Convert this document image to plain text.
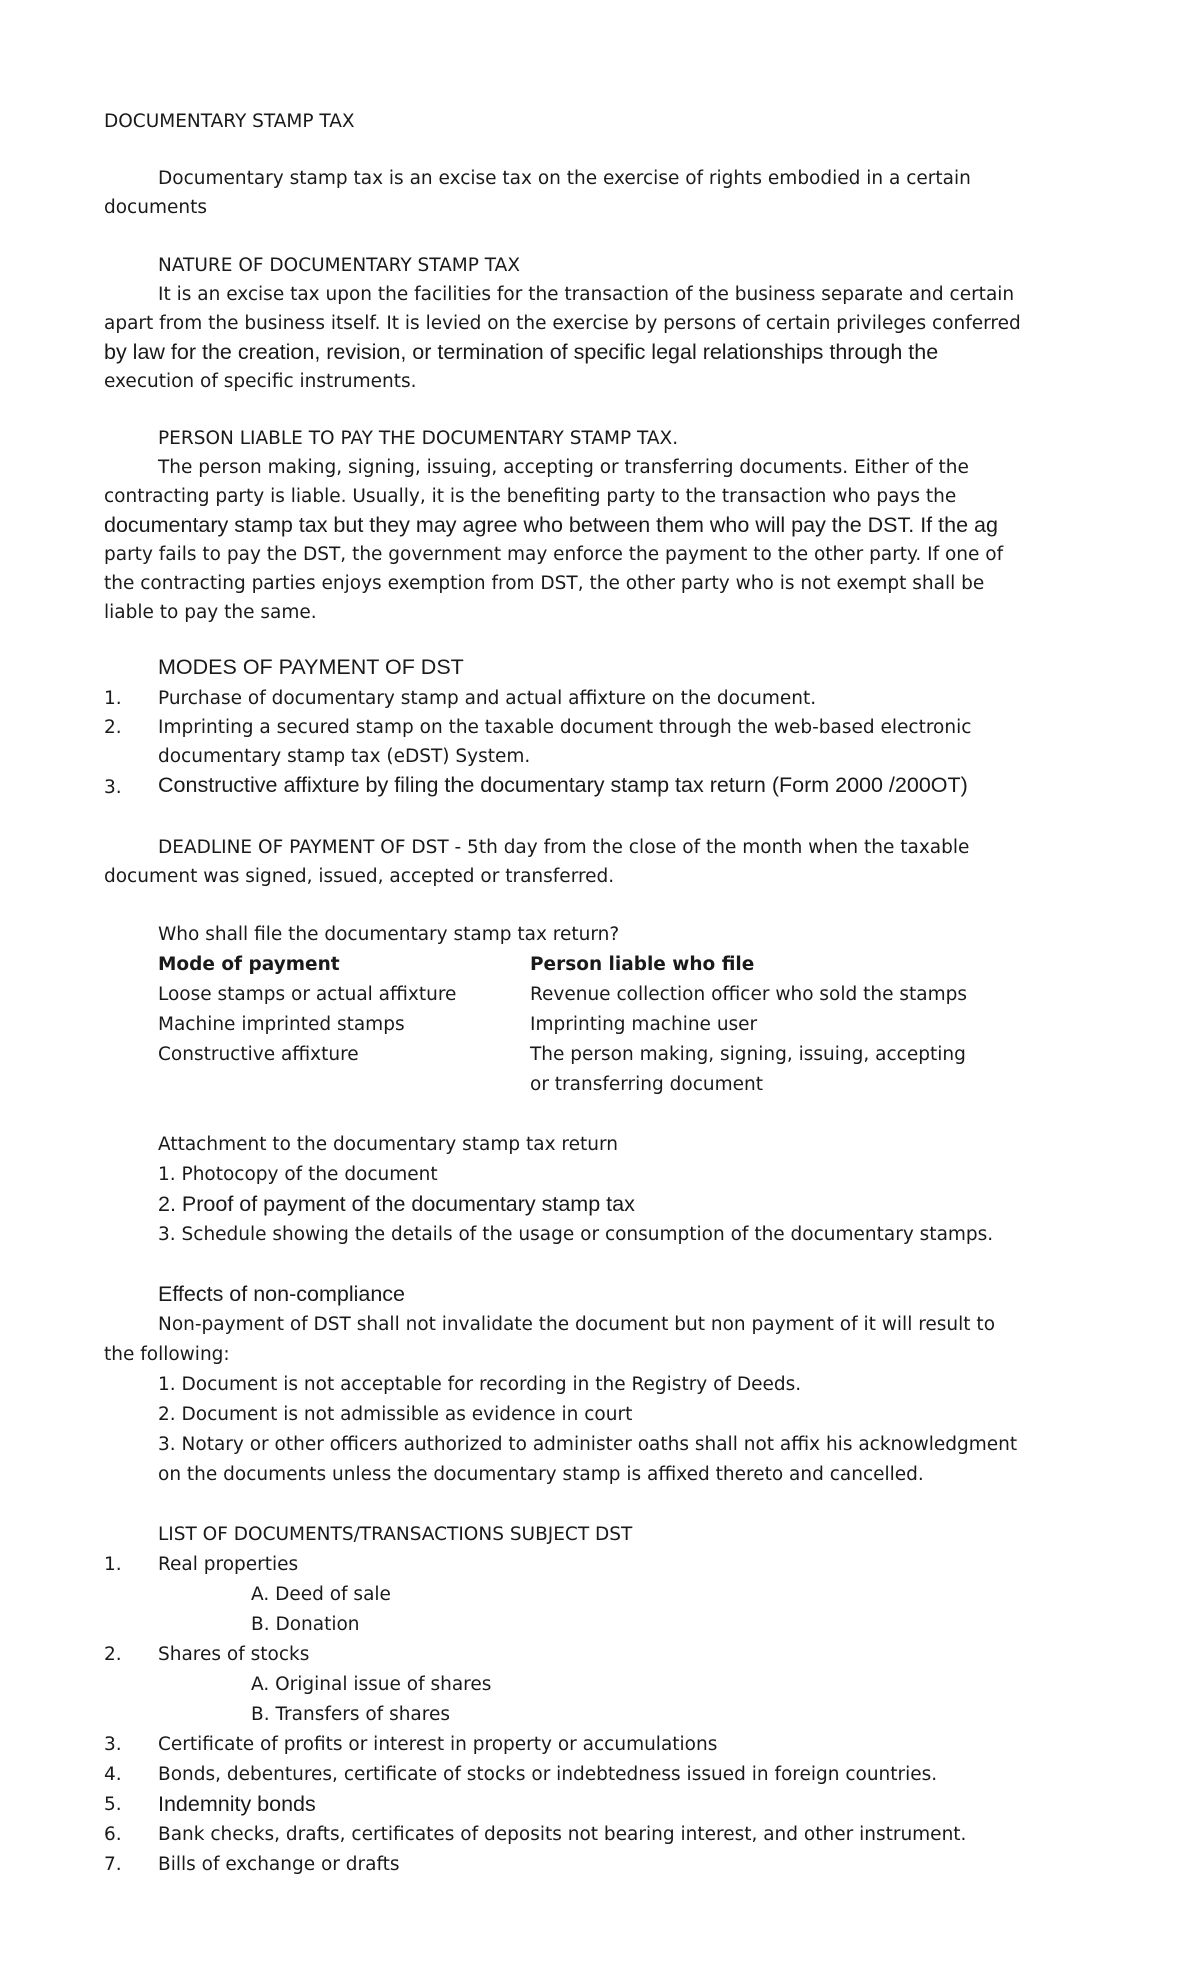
DOCUMENTARY STAMP TAX
Documentary stamp tax is an excise tax on the exercise of rights embodied in a certain
documents
NATURE OF DOCUMENTARY STAMP TAX
It is an excise tax upon the facilities for the transaction of the business separate and certain
apart from the business itself. It is levied on the exercise by persons of certain privileges conferred
by law for the creation, revision, or termination of specific legal relationships through the
execution of specific instruments.
PERSON LIABLE TO PAY THE DOCUMENTARY STAMP TAX.
The person making, signing, issuing, accepting or transferring documents. Either of the
contracting party is liable. Usually, it is the benefiting party to the transaction who pays the
documentary stamp tax but they may agree who between them who will pay the DST. If the ag
party fails to pay the DST, the government may enforce the payment to the other party. If one of
the contracting parties enjoys exemption from DST, the other party who is not exempt shall be
liable to pay the same.
MODES OF PAYMENT OF DST
1. Purchase of documentary stamp and actual affixture on the document.
2. Imprinting a secured stamp on the taxable document through the web-based electronic
documentary stamp tax (eDST) System.
3. Constructive affixture by filing the documentary stamp tax return (Form 2000 /200OT)
DEADLINE OF PAYMENT OF DST - 5th day from the close of the month when the taxable
document was signed, issued, accepted or transferred.
Who shall file the documentary stamp tax return?
Mode of payment	Person liable who file
Loose stamps or actual affixture	Revenue collection officer who sold the stamps
Machine imprinted stamps	Imprinting machine user
Constructive affixture	The person making, signing, issuing, accepting
or transferring document
Attachment to the documentary stamp tax return
1. Photocopy of the document
2. Proof of payment of the documentary stamp tax
3. Schedule showing the details of the usage or consumption of the documentary stamps.
Effects of non-compliance
Non-payment of DST shall not invalidate the document but non payment of it will result to
the following:
1. Document is not acceptable for recording in the Registry of Deeds.
2. Document is not admissible as evidence in court
3. Notary or other officers authorized to administer oaths shall not affix his acknowledgment
on the documents unless the documentary stamp is affixed thereto and cancelled.
LIST OF DOCUMENTS/TRANSACTIONS SUBJECT DST
1. Real properties
A. Deed of sale
B. Donation
2. Shares of stocks
A. Original issue of shares
B. Transfers of shares
3. Certificate of profits or interest in property or accumulations
4. Bonds, debentures, certificate of stocks or indebtedness issued in foreign countries.
5. Indemnity bonds
6. Bank checks, drafts, certificates of deposits not bearing interest, and other instrument.
7. Bills of exchange or drafts
